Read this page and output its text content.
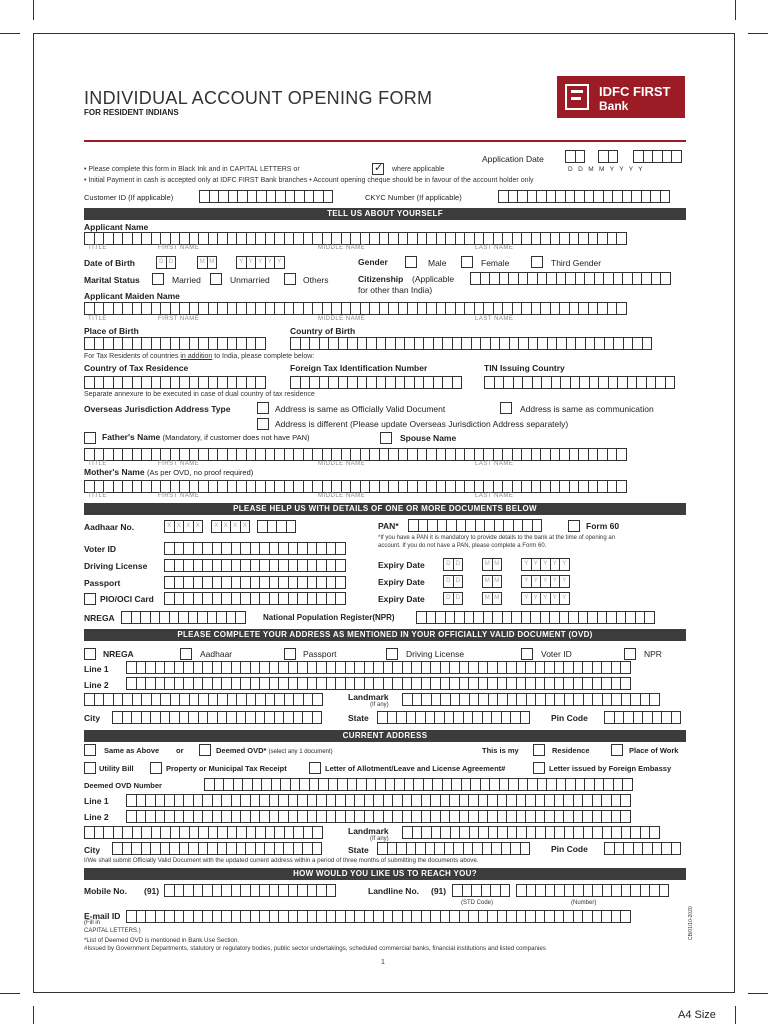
INDIVIDUAL ACCOUNT OPENING FORM
FOR RESIDENT INDIANS
IDFC FIRST
Bank
Application Date
D D M M Y Y Y Y
• Please complete this form in Black Ink and in CAPITAL LETTERS or	✓ where applicable
• Initial Payment in cash is accepted only at IDFC FIRST Bank branches • Account opening cheque should be in favour of the account holder only
Customer ID (If applicable)	CKYC Number (If applicable)
TELL US ABOUT YOURSELF
Applicant Name
TITLE	FIRST NAME	MIDDLE NAME	LAST NAME
Date of Birth	D D	M M	Y Y Y Y Y	Gender	Male	Female	Third Gender
Marital Status	Married	Unmarried	Others	Citizenship (Applicable
for other than India)
Applicant Maiden Name
TITLE	FIRST NAME	MIDDLE NAME	LAST NAME
Place of Birth	Country of Birth
For Tax Residents of countries in addition to India, please complete below:
Country of Tax Residence	Foreign Tax Identification Number	TIN Issuing Country
Separate annexure to be executed in case of dual country of tax residence
Overseas Jurisdiction Address Type	Address is same as Officially Valid Document	Address is same as communication
Address is different (Please update Overseas Jurisdiction Address separately)
Father's Name (Mandatory, if customer does not have PAN)	Spouse Name
TITLE	FIRST NAME	MIDDLE NAME	LAST NAME
Mother's Name (As per OVD, no proof required)
TITLE	FIRST NAME	MIDDLE NAME	LAST NAME
PLEASE HELP US WITH DETAILS OF ONE OR MORE DOCUMENTS BELOW
Aadhaar No.	X X X X	X X X X	PAN*	Form 60
*If you have a PAN it is mandatory to provide details to the bank at the time of opening an
account. If you do not have a PAN, please complete a Form 60.
Voter ID
Driving License	Expiry Date	D D	M M	Y Y Y Y Y
Passport	Expiry Date	D D	M M	Y Y Y Y Y
PIO/OCI Card	Expiry Date	D D	M M	Y Y Y Y Y
NREGA	National Population Register(NPR)
PLEASE COMPLETE YOUR ADDRESS AS MENTIONED IN YOUR OFFICIALLY VALID DOCUMENT (OVD)
NREGA	Aadhaar	Passport	Driving License	Voter ID	NPR
Line 1
Line 2
Landmark
(If any)
City	State	Pin Code
CURRENT ADDRESS
Same as Above or	Deemed OVD* (select any 1 document)	This is my	Residence	Place of Work
Utility Bill	Property or Municipal Tax Receipt	Letter of Allotment/Leave and License Agreement#	Letter issued by Foreign Embassy
Deemed OVD Number
Line 1
Line 2
Landmark
(If any)
City	State	Pin Code
I/We shall submit Officially Valid Document with the updated current address within a period of three months of submitting the documents above.
HOW WOULD YOU LIKE US TO REACH YOU?
Mobile No. (91)	Landline No. (91)
(STD Code)	(Number)
E-mail ID
(Fill in
CAPITAL LETTERS.)
*List of Deemed OVD is mentioned in Bank Use Section.
#Issued by Government Departments, statutory or regulatory bodies, public sector undertakings, scheduled commercial banks, financial institutions and listed companies
1
CB/01/10-2020
A4 Size
